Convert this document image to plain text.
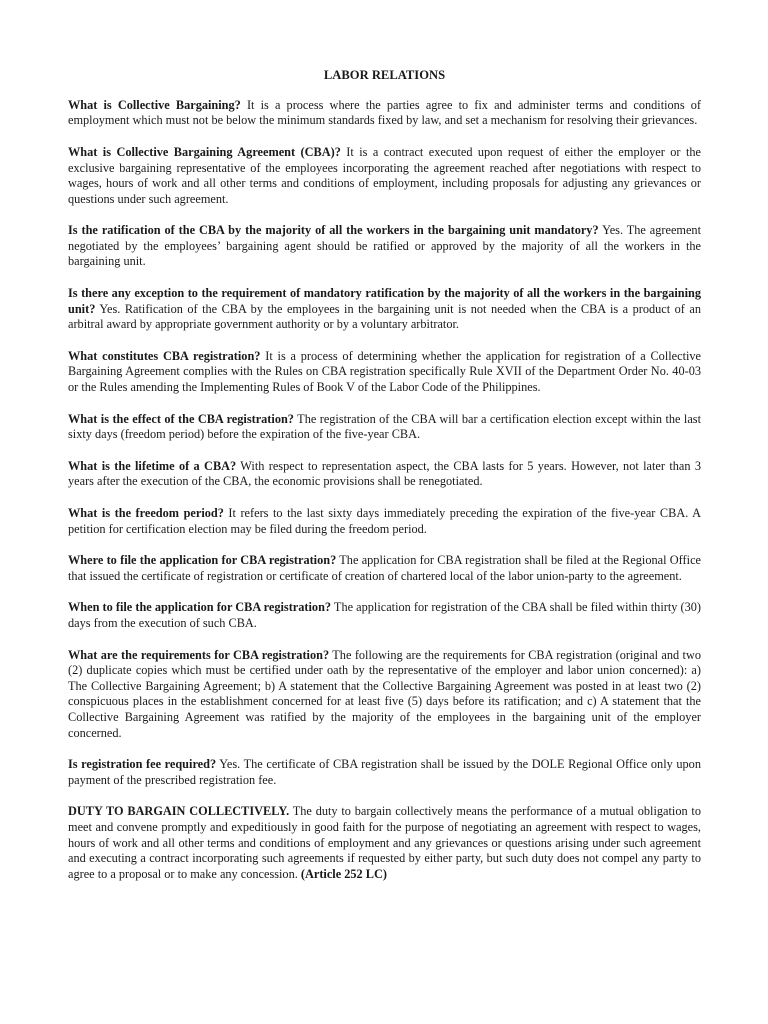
LABOR RELATIONS

What is Collective Bargaining? It is a process where the parties agree to fix and administer terms and conditions of employment which must not be below the minimum standards fixed by law, and set a mechanism for resolving their grievances.

What is Collective Bargaining Agreement (CBA)? It is a contract executed upon request of either the employer or the exclusive bargaining representative of the employees incorporating the agreement reached after negotiations with respect to wages, hours of work and all other terms and conditions of employment, including proposals for adjusting any grievances or questions under such agreement.

Is the ratification of the CBA by the majority of all the workers in the bargaining unit mandatory? Yes. The agreement negotiated by the employees’ bargaining agent should be ratified or approved by the majority of all the workers in the bargaining unit.

Is there any exception to the requirement of mandatory ratification by the majority of all the workers in the bargaining unit? Yes. Ratification of the CBA by the employees in the bargaining unit is not needed when the CBA is a product of an arbitral award by appropriate government authority or by a voluntary arbitrator.

What constitutes CBA registration? It is a process of determining whether the application for registration of a Collective Bargaining Agreement complies with the Rules on CBA registration specifically Rule XVII of the Department Order No. 40-03 or the Rules amending the Implementing Rules of Book V of the Labor Code of the Philippines.

What is the effect of the CBA registration? The registration of the CBA will bar a certification election except within the last sixty days (freedom period) before the expiration of the five-year CBA.

What is the lifetime of a CBA? With respect to representation aspect, the CBA lasts for 5 years. However, not later than 3 years after the execution of the CBA, the economic provisions shall be renegotiated.

What is the freedom period? It refers to the last sixty days immediately preceding the expiration of the five-year CBA. A petition for certification election may be filed during the freedom period.

Where to file the application for CBA registration? The application for CBA registration shall be filed at the Regional Office that issued the certificate of registration or certificate of creation of chartered local of the labor union-party to the agreement.

When to file the application for CBA registration? The application for registration of the CBA shall be filed within thirty (30) days from the execution of such CBA.

What are the requirements for CBA registration? The following are the requirements for CBA registration (original and two (2) duplicate copies which must be certified under oath by the representative of the employer and labor union concerned): a) The Collective Bargaining Agreement; b) A statement that the Collective Bargaining Agreement was posted in at least two (2) conspicuous places in the establishment concerned for at least five (5) days before its ratification; and c) A statement that the Collective Bargaining Agreement was ratified by the majority of the employees in the bargaining unit of the employer concerned.

Is registration fee required? Yes. The certificate of CBA registration shall be issued by the DOLE Regional Office only upon payment of the prescribed registration fee.

DUTY TO BARGAIN COLLECTIVELY. The duty to bargain collectively means the performance of a mutual obligation to meet and convene promptly and expeditiously in good faith for the purpose of negotiating an agreement with respect to wages, hours of work and all other terms and conditions of employment and any grievances or questions arising under such agreement and executing a contract incorporating such agreements if requested by either party, but such duty does not compel any party to agree to a proposal or to make any concession. (Article 252 LC)
